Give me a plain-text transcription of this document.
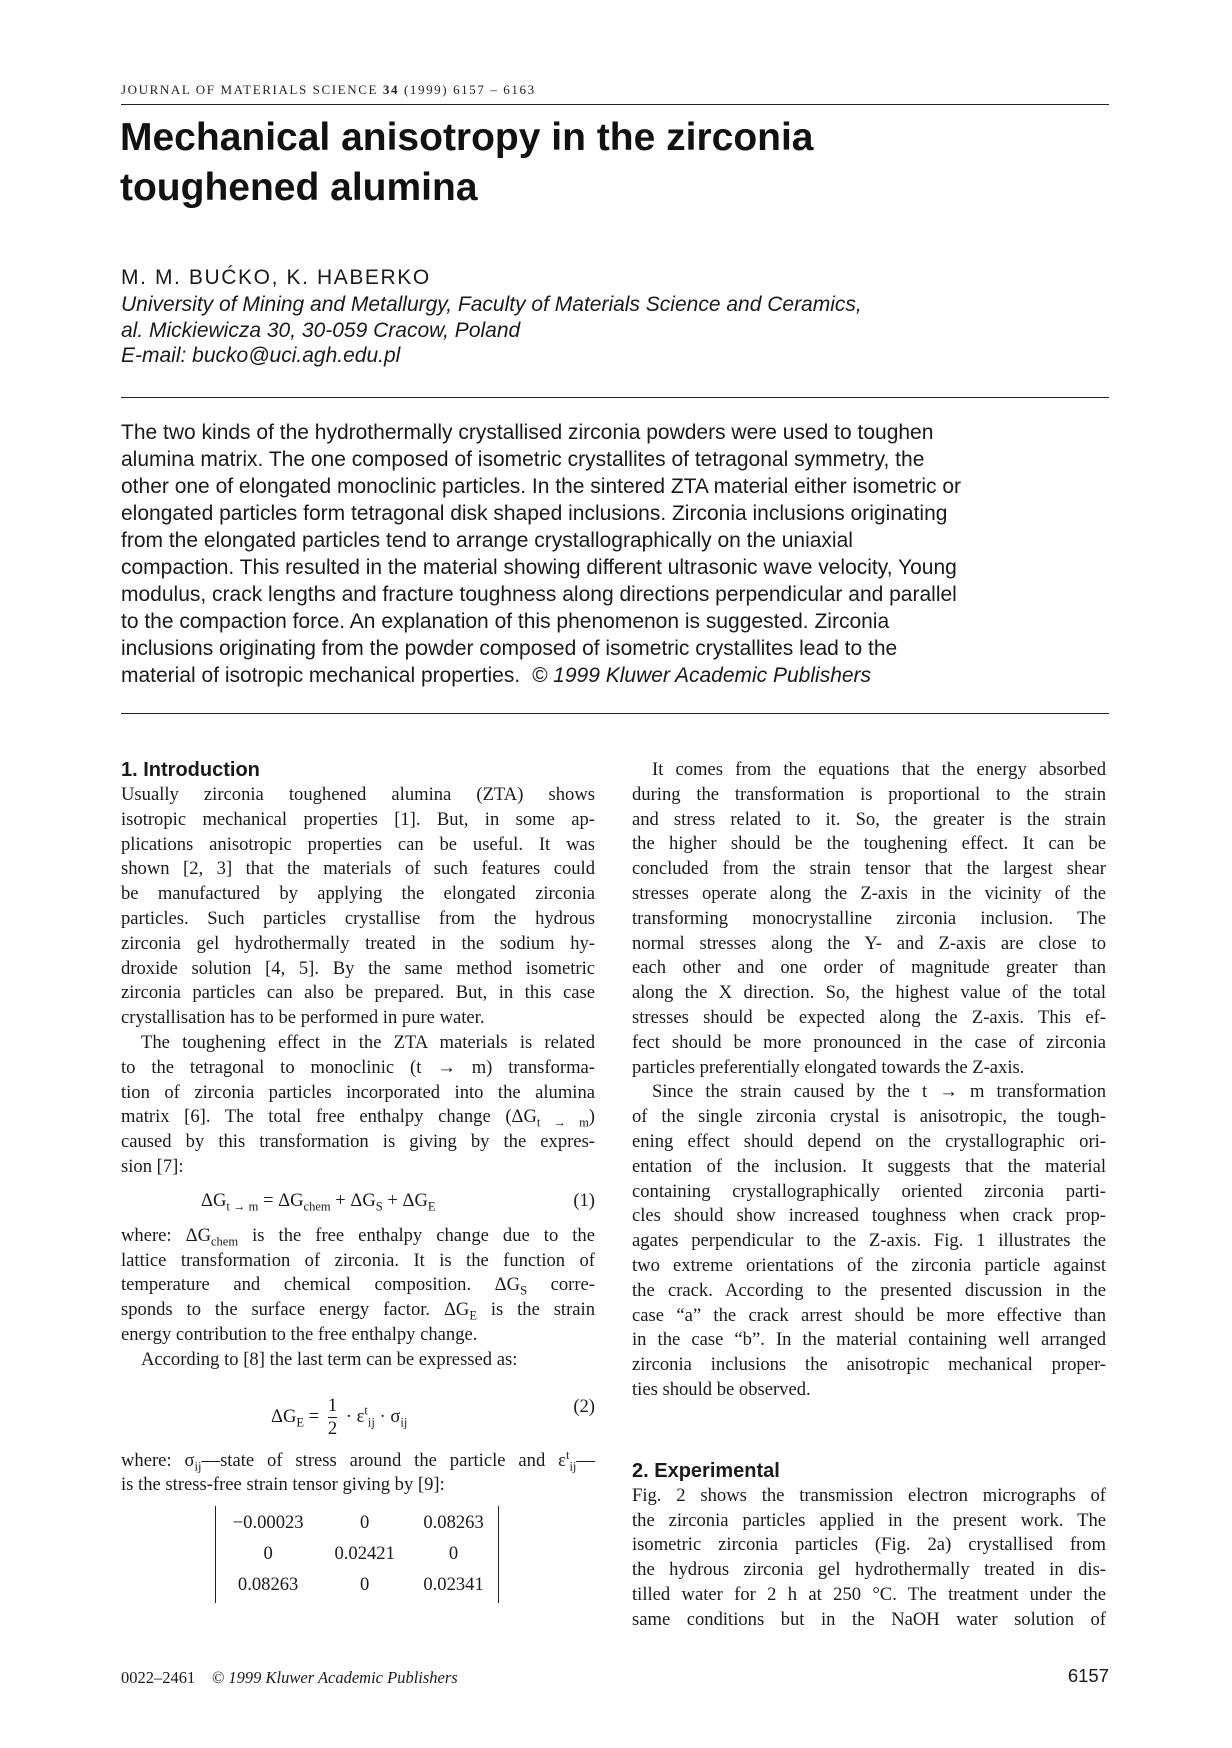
JOURNAL OF MATERIALS SCIENCE 34 (1999) 6157 – 6163
Mechanical anisotropy in the zirconia
toughened alumina
M. M. BUĆKO, K. HABERKO
University of Mining and Metallurgy, Faculty of Materials Science and Ceramics,
al. Mickiewicza 30, 30-059 Cracow, Poland
E-mail: bucko@uci.agh.edu.pl
The two kinds of the hydrothermally crystallised zirconia powders were used to toughen
alumina matrix. The one composed of isometric crystallites of tetragonal symmetry, the
other one of elongated monoclinic particles. In the sintered ZTA material either isometric or
elongated particles form tetragonal disk shaped inclusions. Zirconia inclusions originating
from the elongated particles tend to arrange crystallographically on the uniaxial
compaction. This resulted in the material showing different ultrasonic wave velocity, Young
modulus, crack lengths and fracture toughness along directions perpendicular and parallel
to the compaction force. An explanation of this phenomenon is suggested. Zirconia
inclusions originating from the powder composed of isometric crystallites lead to the
material of isotropic mechanical properties. © 1999 Kluwer Academic Publishers
1. Introduction
Usually zirconia toughened alumina (ZTA) shows
isotropic mechanical properties [1]. But, in some ap-
plications anisotropic properties can be useful. It was
shown [2, 3] that the materials of such features could
be manufactured by applying the elongated zirconia
particles. Such particles crystallise from the hydrous
zirconia gel hydrothermally treated in the sodium hy-
droxide solution [4, 5]. By the same method isometric
zirconia particles can also be prepared. But, in this case
crystallisation has to be performed in pure water.
The toughening effect in the ZTA materials is related
to the tetragonal to monoclinic (t → m) transforma-
tion of zirconia particles incorporated into the alumina
matrix [6]. The total free enthalpy change $(\Delta G_{t \to m})$
caused by this transformation is giving by the expres-
sion [7]:
$\Delta G_{t \to m} = \Delta G_{chem} + \Delta G_S + \Delta G_E$	(1)
where: $\Delta G_{chem}$ is the free enthalpy change due to the
lattice transformation of zirconia. It is the function of
temperature and chemical composition. $\Delta G_S$ corre-
sponds to the surface energy factor. $\Delta G_E$ is the strain
energy contribution to the free enthalpy change.
According to [8] the last term can be expressed as:
$\Delta G_E = \frac{1}{2} \cdot \varepsilon^t_{ij} \cdot \sigma_{ij}$
(2)
where: $\sigma_{ij}—state$ of stress around the particle and $\varepsilon^t_{ij}—$
is the stress-free strain tensor giving by [9]:
−0.00023	0	0.08263
0	0.02421	0
0.08263	0	0.02341
It comes from the equations that the energy absorbed
during the transformation is proportional to the strain
and stress related to it. So, the greater is the strain
the higher should be the toughening effect. It can be
concluded from the strain tensor that the largest shear
stresses operate along the Z-axis in the vicinity of the
transforming monocrystalline zirconia inclusion. The
normal stresses along the Y- and Z-axis are close to
each other and one order of magnitude greater than
along the X direction. So, the highest value of the total
stresses should be expected along the Z-axis. This ef-
fect should be more pronounced in the case of zirconia
particles preferentially elongated towards the Z-axis.
Since the strain caused by the t → m transformation
of the single zirconia crystal is anisotropic, the tough-
ening effect should depend on the crystallographic ori-
entation of the inclusion. It suggests that the material
containing crystallographically oriented zirconia parti-
cles should show increased toughness when crack prop-
agates perpendicular to the Z-axis. Fig. 1 illustrates the
two extreme orientations of the zirconia particle against
the crack. According to the presented discussion in the
case “a” the crack arrest should be more effective than
in the case “b”. In the material containing well arranged
zirconia inclusions the anisotropic mechanical proper-
ties should be observed.
2. Experimental
Fig. 2 shows the transmission electron micrographs of
the zirconia particles applied in the present work. The
isometric zirconia particles (Fig. 2a) crystallised from
the hydrous zirconia gel hydrothermally treated in dis-
tilled water for 2 h at 250 °C. The treatment under the
same conditions but in the NaOH water solution of
0022–2461 © 1999 Kluwer Academic Publishers	6157
